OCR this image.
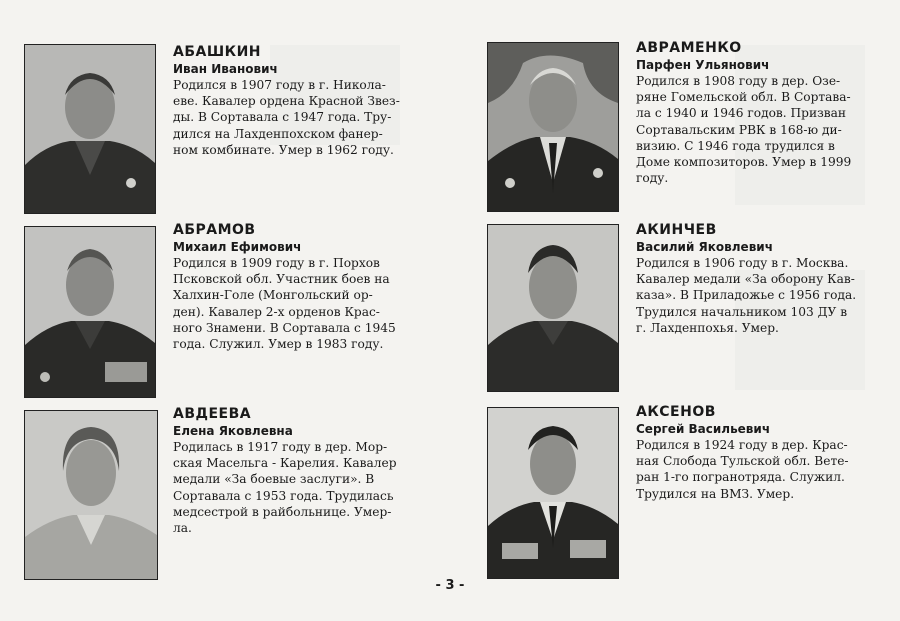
АБАШКИН

Иван Иванович

Родился в 1907 году в г. Никола-
еве. Кавалер ордена Красной Звез-
ды. В Сортавала с 1947 года. Тру-
дился на Лахденпохском фанер-
ном комбинате. Умер в 1962 году.

АВРАМЕНКО

Парфен Ульянович

Родился в 1908 году в дер. Озе-
ряне Гомельской обл. В Сортава-
ла с 1940 и 1946 годов. Призван
Сортавальским РВК в 168-ю ди-
визию. С 1946 года трудился в
Доме композиторов. Умер в 1999
году.

АБРАМОВ

Михаил Ефимович

Родился в 1909 году в г. Порхов
Псковской обл. Участник боев на
Халхин-Голе (Монгольский ор-
ден). Кавалер 2-х орденов Крас-
ного Знамени. В Сортавала с 1945
года. Служил. Умер в 1983 году.

АКИНЧЕВ

Василий Яковлевич

Родился в 1906 году в г. Москва.
Кавалер медали «За оборону Кав-
каза». В Приладожье с 1956 года.
Трудился начальником 103 ДУ в
г. Лахденпохья. Умер.

АВДЕЕВА

Елена Яковлевна

Родилась в 1917 году в дер. Мор-
ская Масельга - Карелия. Кавалер
медали «За боевые заслуги». В
Сортавала с 1953 года. Трудилась
медсестрой в райбольнице. Умер-
ла.

АКСЕНОВ

Сергей Васильевич

Родился в 1924 году в дер. Крас-
ная Слобода Тульской обл. Вете-
ран 1-го погранотряда. Служил.
Трудился на ВМЗ. Умер.

- 3 -
